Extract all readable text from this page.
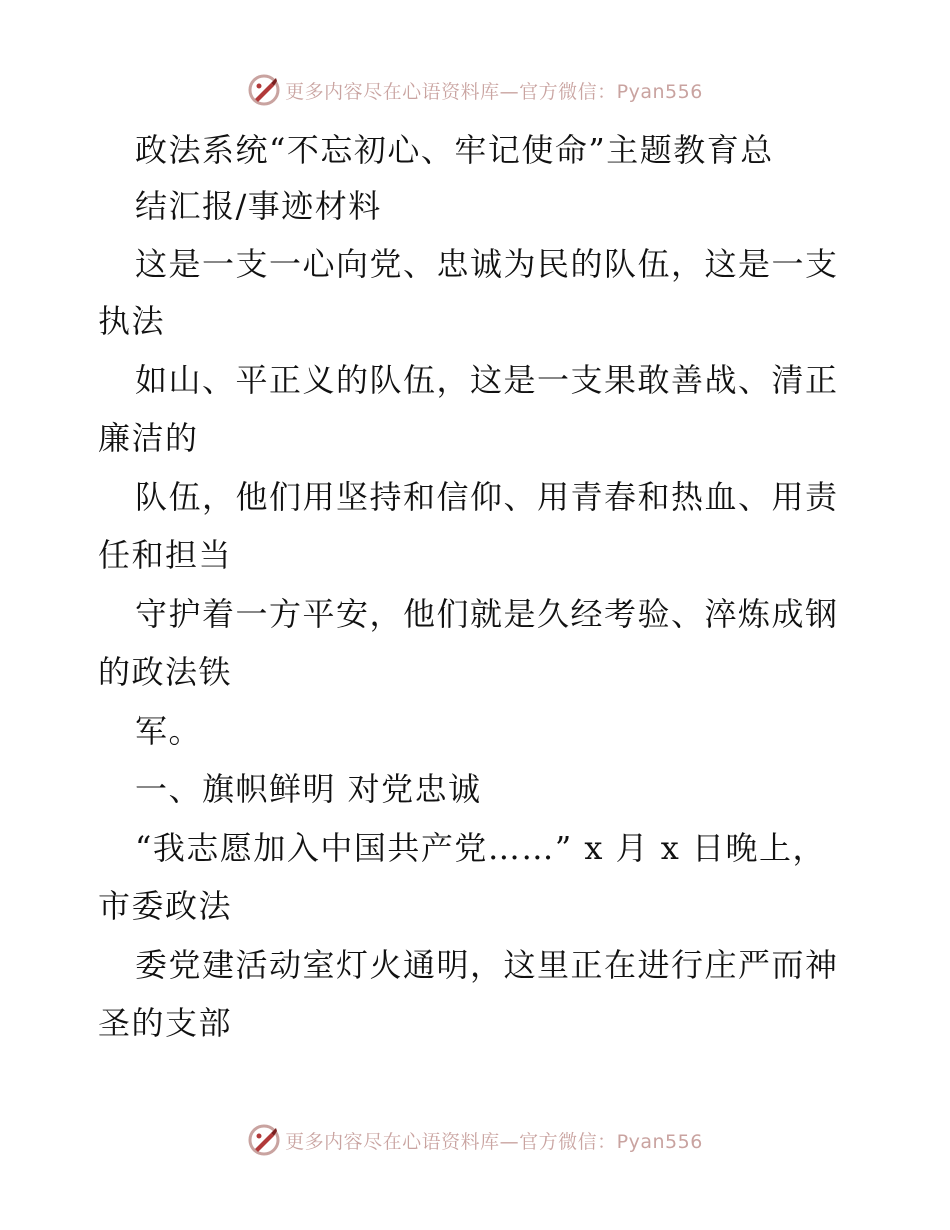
更多内容尽在心语资料库—官方微信：Pyan556
政法系统“不忘初心、牢记使命”主题教育总
结汇报/事迹材料
这是一支一心向党、忠诚为民的队伍，这是一支
执法
如山、平正义的队伍，这是一支果敢善战、清正
廉洁的
队伍，他们用坚持和信仰、用青春和热血、用责
任和担当
守护着一方平安，他们就是久经考验、淬炼成钢
的政法铁
军。
一、旗帜鲜明 对党忠诚
“我志愿加入中国共产党……” x 月 x 日晚上，
市委政法
委党建活动室灯火通明，这里正在进行庄严而神
圣的支部
更多内容尽在心语资料库—官方微信：Pyan556
